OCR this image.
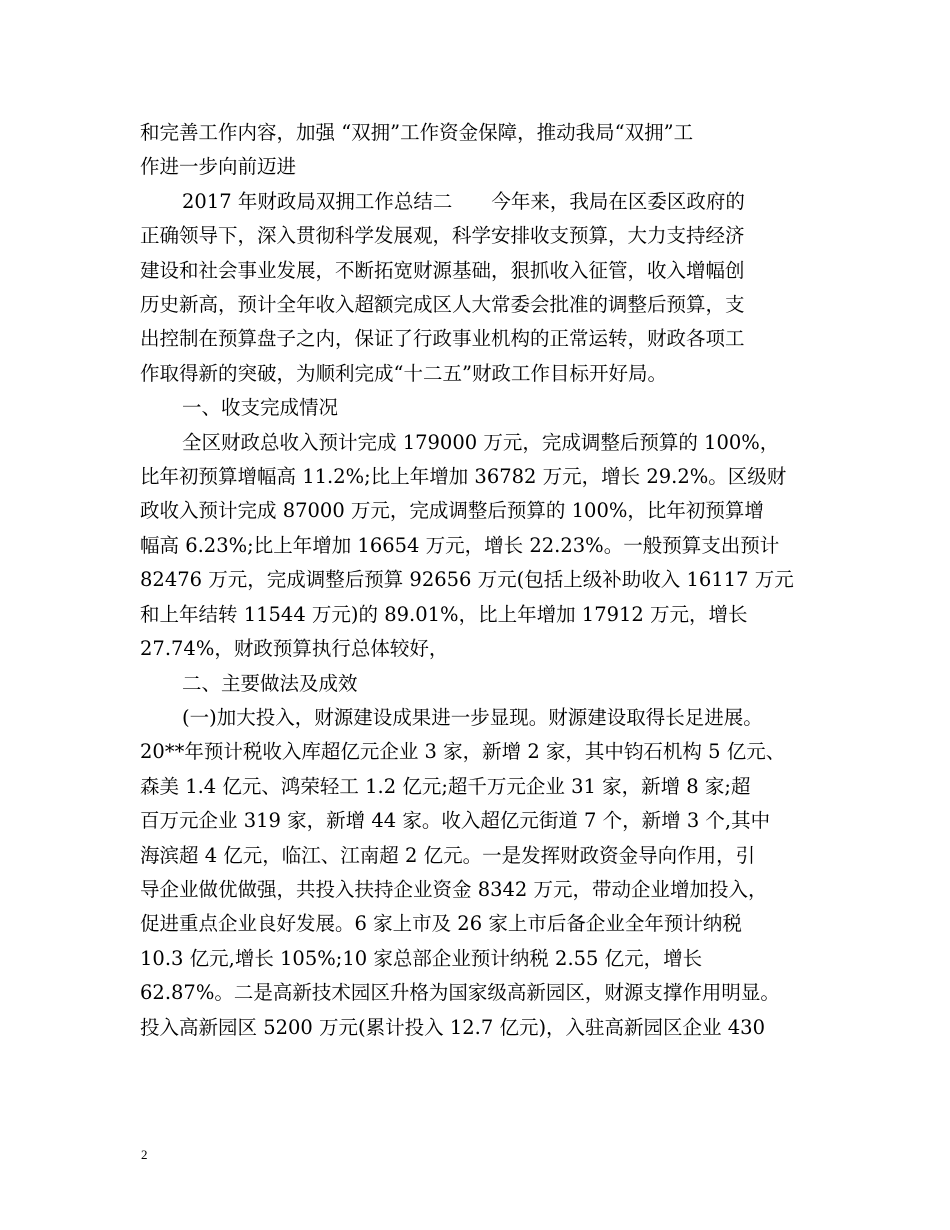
和完善工作内容，加强 “双拥”工作资金保障，推动我局“双拥”工

作进一步向前迈进

2017 年财政局双拥工作总结二　　今年来，我局在区委区政府的

正确领导下，深入贯彻科学发展观，科学安排收支预算，大力支持经济

建设和社会事业发展，不断拓宽财源基础，狠抓收入征管，收入增幅创

历史新高，预计全年收入超额完成区人大常委会批准的调整后预算，支

出控制在预算盘子之内，保证了行政事业机构的正常运转，财政各项工

作取得新的突破，为顺利完成“十二五”财政工作目标开好局。

一、收支完成情况

全区财政总收入预计完成 179000 万元，完成调整后预算的 100%，

比年初预算增幅高 11.2%;比上年增加 36782 万元，增长 29.2%。区级财

政收入预计完成 87000 万元，完成调整后预算的 100%，比年初预算增

幅高 6.23%;比上年增加 16654 万元，增长 22.23%。一般预算支出预计

82476 万元，完成调整后预算 92656 万元(包括上级补助收入 16117 万元

和上年结转 11544 万元)的 89.01%，比上年增加 17912 万元，增长

27.74%，财政预算执行总体较好，

二、主要做法及成效

(一)加大投入，财源建设成果进一步显现。财源建设取得长足进展。

20**年预计税收入库超亿元企业 3 家，新增 2 家，其中钧石机构 5 亿元、

森美 1.4 亿元、鸿荣轻工 1.2 亿元;超千万元企业 31 家，新增 8 家;超

百万元企业 319 家，新增 44 家。收入超亿元街道 7 个，新增 3 个,其中

海滨超 4 亿元，临江、江南超 2 亿元。一是发挥财政资金导向作用，引

导企业做优做强，共投入扶持企业资金 8342 万元，带动企业增加投入，

促进重点企业良好发展。6 家上市及 26 家上市后备企业全年预计纳税

10.3 亿元,增长 105%;10 家总部企业预计纳税 2.55 亿元，增长

62.87%。二是高新技术园区升格为国家级高新园区，财源支撑作用明显。

投入高新园区 5200 万元(累计投入 12.7 亿元)，入驻高新园区企业 430

2
